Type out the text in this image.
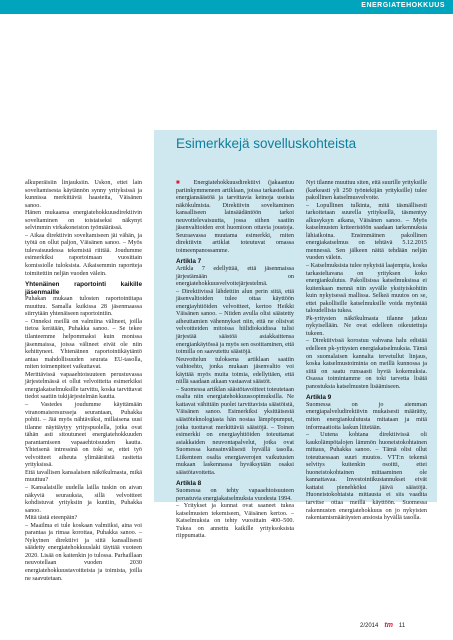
ENERGIATEHOKKUUS

alkuperäisiin linjauksiin. Uskon, ettei lain soveltamisesta käytännön synny yrityksissä ja kunnissa merkittäviä haasteita, Väisänen sanoo.

Hänen mukaansa energiatehokkuusdirektiivin soveltaminen on toistaiseksi näkynyt selvimmin virkakoneiston työmäärässä.

– Aikaa direktiivin soveltamiseen jäi vähän, ja työtä on ollut paljon, Väisänen sanoo. – Myös tulevaisuudessa tekemistä riittää. Joudumme esimerkiksi raportoimaan vuosittain komissiolle tuloksista. Aikaisemmin raportteja toimitettiin neljän vuoden välein.

Yhtenäinen raportointi kaikille jäsenmaille

Puhakan mukaan tulosten raportointitapa muuttuu. Samalla kuikissa 28 jäsenmaassa siirrytään yhtenäiseen raportointiin.

– Onneksi meillä on valmiina välineet, joilla tietoa kerätään, Puhakka sanoo. – Se tekee tilanteemme helpommaksi kuin monissa jäsenmaissa, joissa välineet eivät ole niin kehittyneet. Yhtenäinen raportointikäytäntö antaa mahdollisuuden seurata EU-tasolla, miten toimenpiteet vaikuttavat.

Merittävissä vapaaehtoisuuteen perustuvassa järjestelmässä ei ollut velvoitteita esimerkiksi energiakatselmuksille tarvittu, koska tarvittavat tiedot saatiin tukijärjestelmän kautta.

– Vastedes joudumme käyttämään viranomaisresursseja seurantaan, Puhakka pohtii. – Jää myös nähtäväksi, millaisena uusi tilanne näyttäytyy yrityspuolella, jotka ovat tähän asti sitoutuneet energiatehokkuuden parantamiseen vapaaehtoisuuden kautta. Yhteisenä intressinä on tokí se, ettei työ velvoitteet aiheuta ylimääräistä rasitetta yrityksissä.

Että tavallisen kansalaisen näkökulmasta, mikä muuttuu?

– Kansalaisille uudella lailla tuskin on aivan näkyviä seurauksia, sillä velvoitteet kohdistuvat yrityksiin ja kuntiin, Puhakka sanoo.

Mitä tästä eteenpäin?

– Maailma ei tule koskaan valmiiksi, aina voi parantaa ja rimaa korottaa, Puhakka sanoo. – Nykyinen direktiivi ja siitä kansallisesti säädetty energiatehokkuuslaki täyttää vuoteen 2020. Lisää on kaitenkin jo tulossa. Parhaillaan neuvotellaan vuoden 2030 energiatehokkuustavoitteista ja toimista, joilla ne saavutetaan.

Esimerkkejä sovelluskohteista

■ Energiatehokkuusdirektiivi (jakaantuu pariinkymmeneen artiklaan, joissa tarkastellaan energiansäästöä ja tarvittavia keinoja useista näkökulmista. Direktiivin soveltaminen kansalliseen lainsäädäntöön tarkoi neuvottelevaisuutta, jossa siihen saatiin jäsenvaltioiden erot huomioon ottavia joustoja. Seuraavassa muutama esimerkki, miten direktiivin artiklat toteutuvat omassa toimeenpanossamme.

Artikla 7

Artikla 7 edellyttää, että jäsenmaissa järjestämään on energiatehokkuusvelvoitejärjestelmä.

– Direktiivissä lähdettiin alun perin siitä, että jäsenvaltioiden tulee ottaa käyttöön energiayhtiöiden velvoitteet, kertoo Heikki Väisänen sanoo. – Niiden avulla olisi säästetty aiheuttamien vähennykset niin, että ne olisivat velvoitteiden mitoissa hiilidioksidissa tulisi järjestää säästöä asiakkaittensa energiankäytössä ja myös sen osoittaminen, että toimilla on saavutettu säästöjä.

Neuvottelun tuloksena artiklaan saatiin vaihtoehto, jonka mukaan jäsenvaltio voi käyttää myös muita toimia, edellyttäen, että niillä saadaan aikaan vastaavat säästöt.

– Suomessa artiklan säästötavoitteet toteutetaan osalta niin energiatehokkuussopimuksilla. Ne kattavat vähittäin puolet tarvittavista säästöistä, Väisänen sanoo. Esimerkiksi yksittäisestä säästöteknologiasta hän nostaa lämpöpumput, jotka tuottavat merkittäviä säästöjä. – Toinen esimerkki on energiayhtiöiden toteuttamat asiakkaiden neuvontapalvelut, jotka ovat Suomessa kansainvälisesti hyvällä tasolla. Liikenteen osalta energiaverojen vaikutusten mukaan laskennassa hyväksytään osaksi säästötavoitetta.

Artikla 8

Suomessa on tehty vapaaehtoisuuteen perustuvia energiakatselmuksia vuodesta 1994.

– Yritykset ja kunnat ovat saaneet tukea katselmusten tekemiseen, Väisänen kertoo. – Katselmuksia on tehty vuosittain 400–500. Tukea on annettu kaikille yrityksoksista riippumatta.

Nyt tilanne muuttuu siten, että suurille yrityksille (karkeasti yli 250 työntekijän yrityksille) tulee pakollinen katselmusvelvoite.

– Lopullinen tulkinta, mitä täsmällisesti tarkoitetaan suurella yrityksellä, täsmentyy alkusyksyn aikana, Väisänen sanoo. – Myös katselmusten kriteeristöön saadaan tarkennuksia lähiaikoina. Ensimmäinen pakollinen energiakatselmus on tehtävä 5.12.2015 mennessä. Sen jälkeen näitä tehdään neljän vuoden välein.

– Katselmuksista tulee nykyistä laajempia, koska tarkasteltavana on yrityksen koko energiankulutus. Pakollisissa katselmuksissa ei kuitenkaan mennä niin syvälle yksityiskohtiin kuin nykyisessä mallissa. Selkeä muutos on se, ettei pakollisille katselmuksille voida myöntää taloudellista tukea.

Pk-yritysten näkökulmasta tilanne jatkuu nykyisellään. Ne ovat edelleen oikeutettuja tukeen.

– Direktiivissä korostuu vahvana halu edistää edelleen pk-yritysten energiakatselmuksia. Tämä on suomalaisen kannalta tervetullut linjaus, koska katselmustoiminta on meillä kunnossa ja siitä on saatu runsaasti hyviä kokemuksia. Osassa toimintamme on toki tarvetta lisätä panostuksia katselmusten lisäämiseen.

Artikla 9

Suomessa on jo aiemman energiapalveludirektiivin mukaisesti määrätty, miten energiankulutusta mitataan ja mitä informaatioita laskun liitetään.

– Uutena kohtana direktiivissä oli kaukolämpötalojen lämmön huoneistokohtainen mittaus, Puhakka sanoo. – Tämä olisi ollut toteutuessaan suuri muutos. VTT:n tekemä selvitys kuitenkin osoitti, ettei huoneistokohtainen mittaaminen ole kannattavaa. Investointikustannukset eivät kattaisi pienehköksi jäävä säästöjä. Huoneistokohtaista mittausta ei siis vaadita tarvitse ottaa meillä käyttöön. Suomessa rakennusten energiatehokkuus on jo nykyisten rakentamismääräysten ansiosta hyvällä tasolla.

2/2014 tm 11
